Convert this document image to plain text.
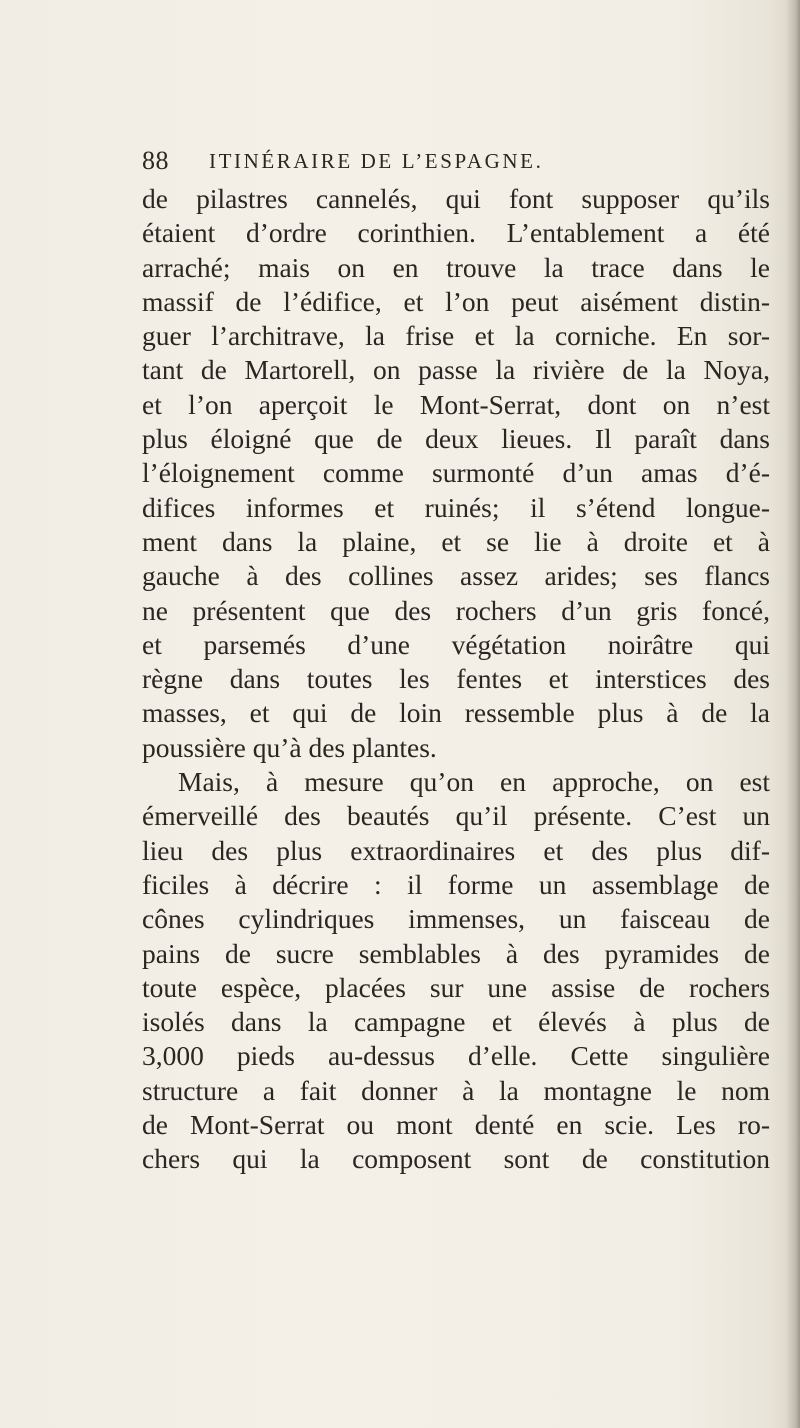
88 ITINÉRAIRE DE L’ESPAGNE.
de pilastres cannelés, qui font supposer qu’ils
étaient d’ordre corinthien. L’entablement a été
arraché; mais on en trouve la trace dans le
massif de l’édifice, et l’on peut aisément distin-
guer l’architrave, la frise et la corniche. En sor-
tant de Martorell, on passe la rivière de la Noya,
et l’on aperçoit le Mont-Serrat, dont on n’est
plus éloigné que de deux lieues. Il paraît dans
l’éloignement comme surmonté d’un amas d’é-
difices informes et ruinés; il s’étend longue-
ment dans la plaine, et se lie à droite et à
gauche à des collines assez arides; ses flancs
ne présentent que des rochers d’un gris foncé,
et parsemés d’une végétation noirâtre qui
règne dans toutes les fentes et interstices des
masses, et qui de loin ressemble plus à de la
poussière qu’à des plantes.
Mais, à mesure qu’on en approche, on est
émerveillé des beautés qu’il présente. C’est un
lieu des plus extraordinaires et des plus dif-
ficiles à décrire : il forme un assemblage de
cônes cylindriques immenses, un faisceau de
pains de sucre semblables à des pyramides de
toute espèce, placées sur une assise de rochers
isolés dans la campagne et élevés à plus de
3,000 pieds au-dessus d’elle. Cette singulière
structure a fait donner à la montagne le nom
de Mont-Serrat ou mont denté en scie. Les ro-
chers qui la composent sont de constitution
